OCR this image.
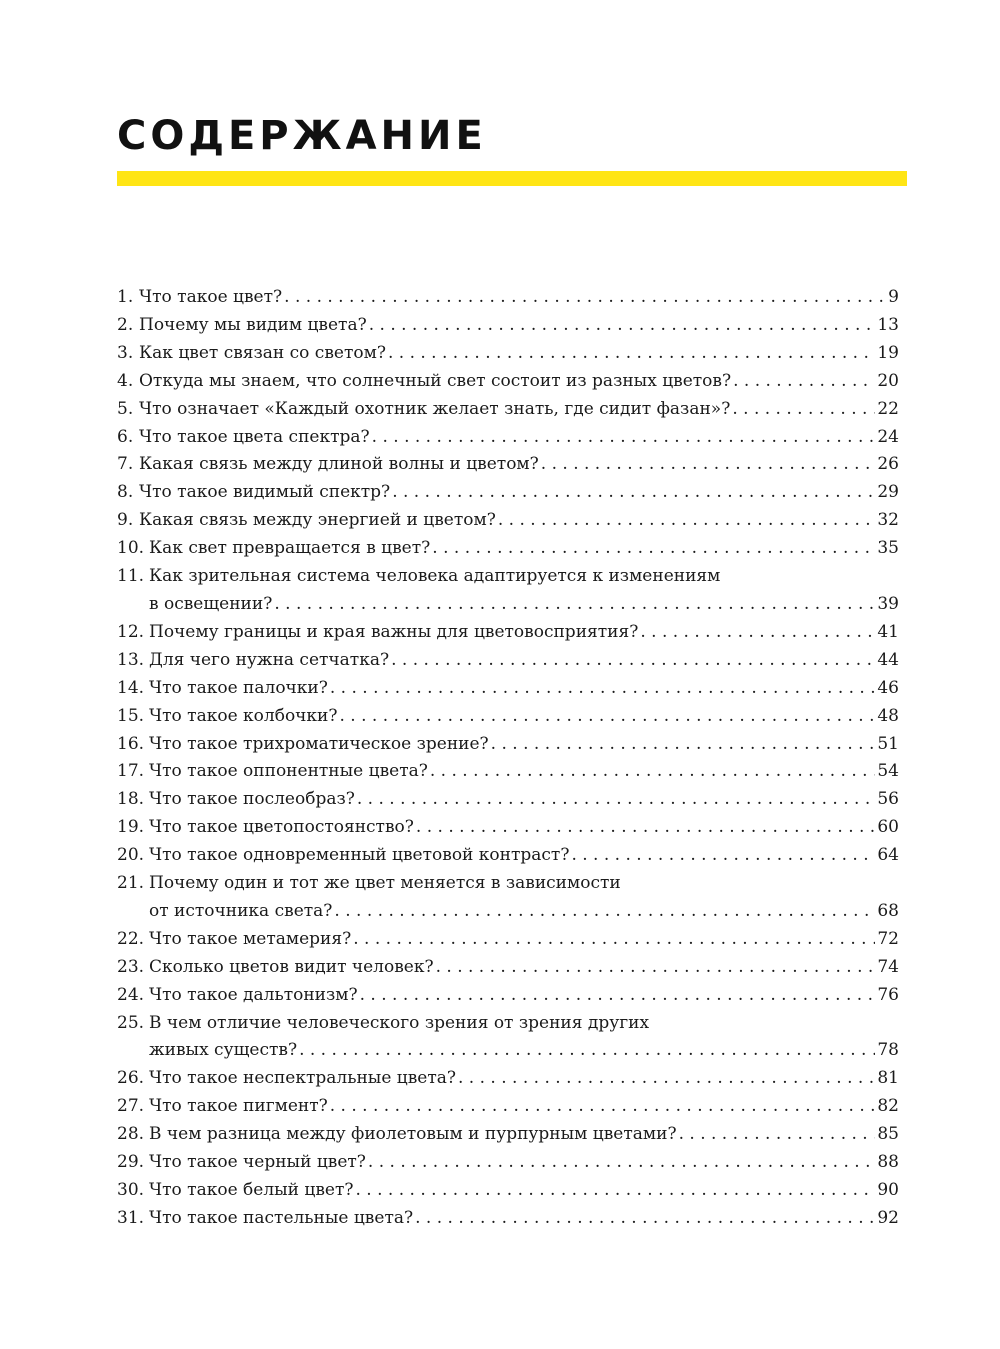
СОДЕРЖАНИЕ
1. Что такое цвет? . . .	9
2. Почему мы видим цвета? . . .	13
3. Как цвет связан со светом? . . .	19
4. Откуда мы знаем, что солнечный свет состоит из разных цветов? . . .	20
5. Что означает «Каждый охотник желает знать, где сидит фазан»? . . .	22
6. Что такое цвета спектра? . . .	24
7. Какая связь между длиной волны и цветом? . . .	26
8. Что такое видимый спектр? . . .	29
9. Какая связь между энергией и цветом? . . .	32
10. Как свет превращается в цвет? . . .	35
11. Как зрительная система человека адаптируется к изменениям
в освещении? . . .	39
12. Почему границы и края важны для цветовосприятия? . . .	41
13. Для чего нужна сетчатка? . . .	44
14. Что такое палочки? . . .	46
15. Что такое колбочки? . . .	48
16. Что такое трихроматическое зрение? . . .	51
17. Что такое оппонентные цвета? . . .	54
18. Что такое послеобраз? . . .	56
19. Что такое цветопостоянство? . . .	60
20. Что такое одновременный цветовой контраст? . . .	64
21. Почему один и тот же цвет меняется в зависимости
от источника света? . . .	68
22. Что такое метамерия? . . .	72
23. Сколько цветов видит человек? . . .	74
24. Что такое дальтонизм? . . .	76
25. В чем отличие человеческого зрения от зрения других
живых существ? . . .	78
26. Что такое неспектральные цвета? . . .	81
27. Что такое пигмент? . . .	82
28. В чем разница между фиолетовым и пурпурным цветами? . . .	85
29. Что такое черный цвет? . . .	88
30. Что такое белый цвет? . . .	90
31. Что такое пастельные цвета? . . .	92
